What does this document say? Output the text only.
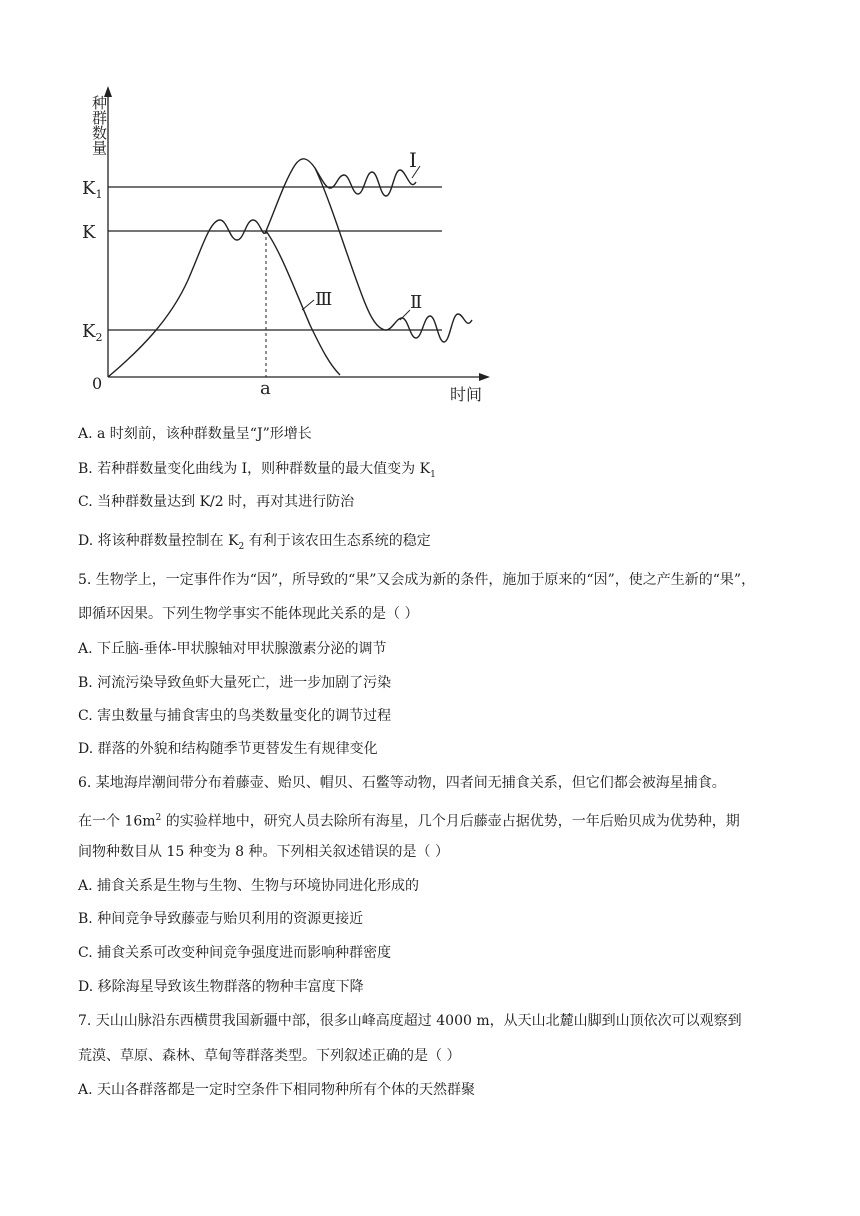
种群数量
0
$K_1$
K
$K_2$
a	时间
Ⅰ
Ⅱ
Ⅲ
A. a 时刻前，该种群数量呈“J”形增长
B. 若种群数量变化曲线为 I，则种群数量的最大值变为 $K_1$
C. 当种群数量达到 K/2 时，再对其进行防治
D. 将该种群数量控制在 $K_2$ 有利于该农田生态系统的稳定
5. 生物学上，一定事件作为“因”，所导致的“果”又会成为新的条件，施加于原来的“因”，使之产生新的“果”，
即循环因果。下列生物学事实不能体现此关系的是（ ）
A. 下丘脑-垂体-甲状腺轴对甲状腺激素分泌的调节
B. 河流污染导致鱼虾大量死亡，进一步加剧了污染
C. 害虫数量与捕食害虫的鸟类数量变化的调节过程
D. 群落的外貌和结构随季节更替发生有规律变化
6. 某地海岸潮间带分布着藤壶、贻贝、帽贝、石鳖等动物，四者间无捕食关系，但它们都会被海星捕食。
在一个 $16m^2$ 的实验样地中，研究人员去除所有海星，几个月后藤壶占据优势，一年后贻贝成为优势种，期
间物种数目从 15 种变为 8 种。下列相关叙述错误的是（ ）
A. 捕食关系是生物与生物、生物与环境协同进化形成的
B. 种间竞争导致藤壶与贻贝利用的资源更接近
C. 捕食关系可改变种间竞争强度进而影响种群密度
D. 移除海星导致该生物群落的物种丰富度下降
7. 天山山脉沿东西横贯我国新疆中部，很多山峰高度超过 4000 m，从天山北麓山脚到山顶依次可以观察到
荒漠、草原、森林、草甸等群落类型。下列叙述正确的是（ ）
A. 天山各群落都是一定时空条件下相同物种所有个体的天然群聚
